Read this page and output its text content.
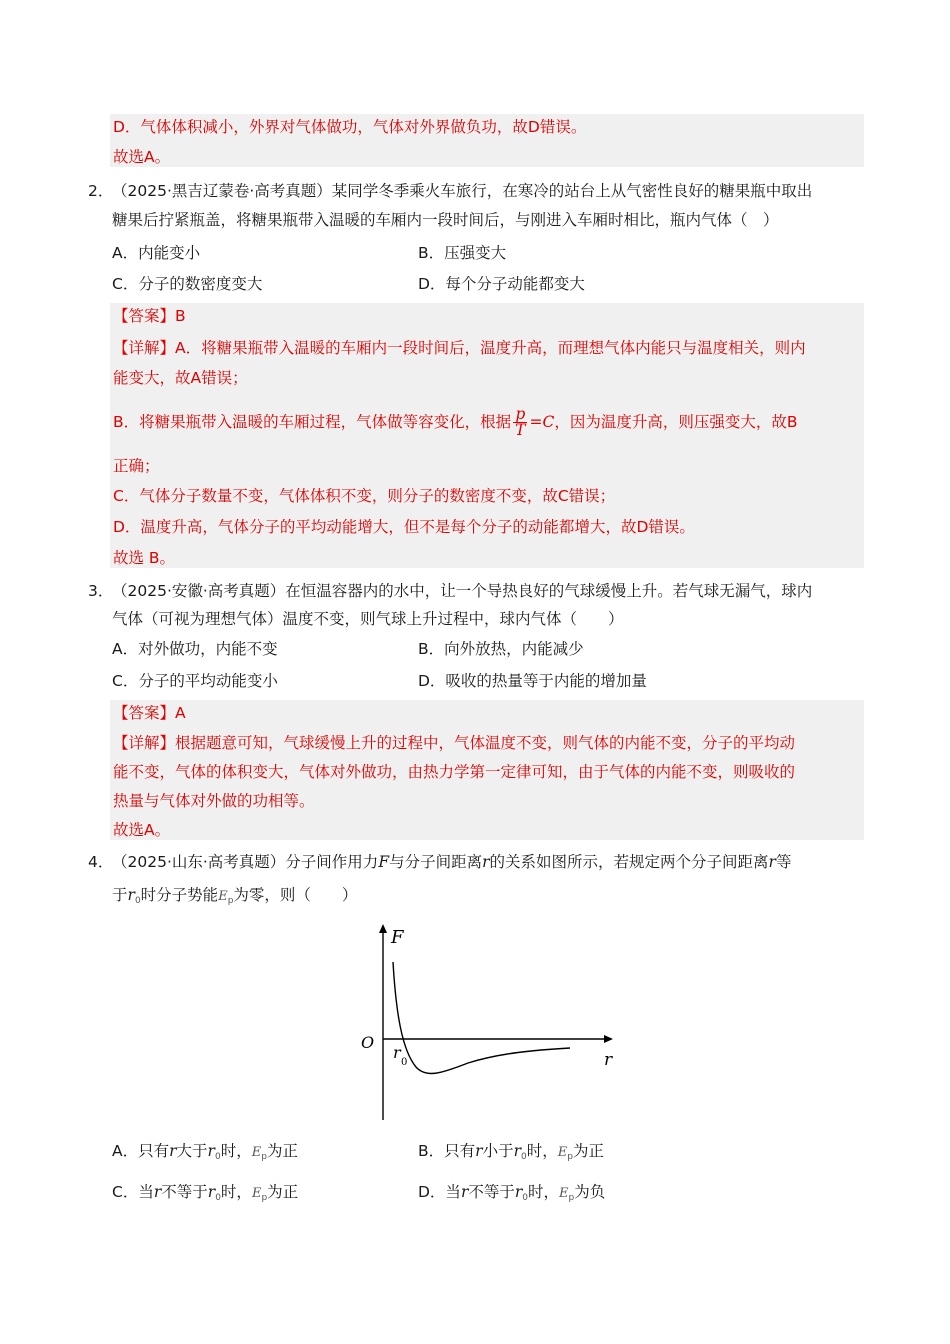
D．气体体积减小，外界对气体做功，气体对外界做负功，故D错误。
故选A。
2．
（2025·黑吉辽蒙卷·高考真题）某同学冬季乘火车旅行，在寒冷的站台上从气密性良好的糖果瓶中取出
糖果后拧紧瓶盖，将糖果瓶带入温暖的车厢内一段时间后，与刚进入车厢时相比，瓶内气体（　）
A．内能变小	B．压强变大
C．分子的数密度变大	D．每个分子动能都变大
【答案】B
【详解】A．将糖果瓶带入温暖的车厢内一段时间后，温度升高，而理想气体内能只与温度相关，则内
能变大，故A错误；
B．将糖果瓶带入温暖的车厢过程，气体做等容变化，根据 $\frac{p}{T} =C$，因为温度升高，则压强变大，故B
正确；
C．气体分子数量不变，气体体积不变，则分子的数密度不变，故C错误；
D．温度升高，气体分子的平均动能增大，但不是每个分子的动能都增大，故D错误。
故选 B。
3．
（2025·安徽·高考真题）在恒温容器内的水中，让一个导热良好的气球缓慢上升。若气球无漏气，球内
气体（可视为理想气体）温度不变，则气球上升过程中，球内气体（　　）
A．对外做功，内能不变	B．向外放热，内能减少
C．分子的平均动能变小	D．吸收的热量等于内能的增加量
【答案】A
【详解】根据题意可知，气球缓慢上升的过程中，气体温度不变，则气体的内能不变，分子的平均动
能不变，气体的体积变大，气体对外做功，由热力学第一定律可知，由于气体的内能不变，则吸收的
热量与气体对外做的功相等。
故选A。
4．
（2025·山东·高考真题）分子间作用力F与分子间距离r的关系如图所示，若规定两个分子间距离r等
于$r_0$时分子势能$E_p$为零，则（　　）
F
O
r
0	r
A．只有r大于$r_0$时，$E_p$为正	B．只有r小于$r_0$时，$E_p$为正
C．当r不等于$r_0$时，$E_p$为正	D．当r不等于$r_0$时，$E_p$为负
